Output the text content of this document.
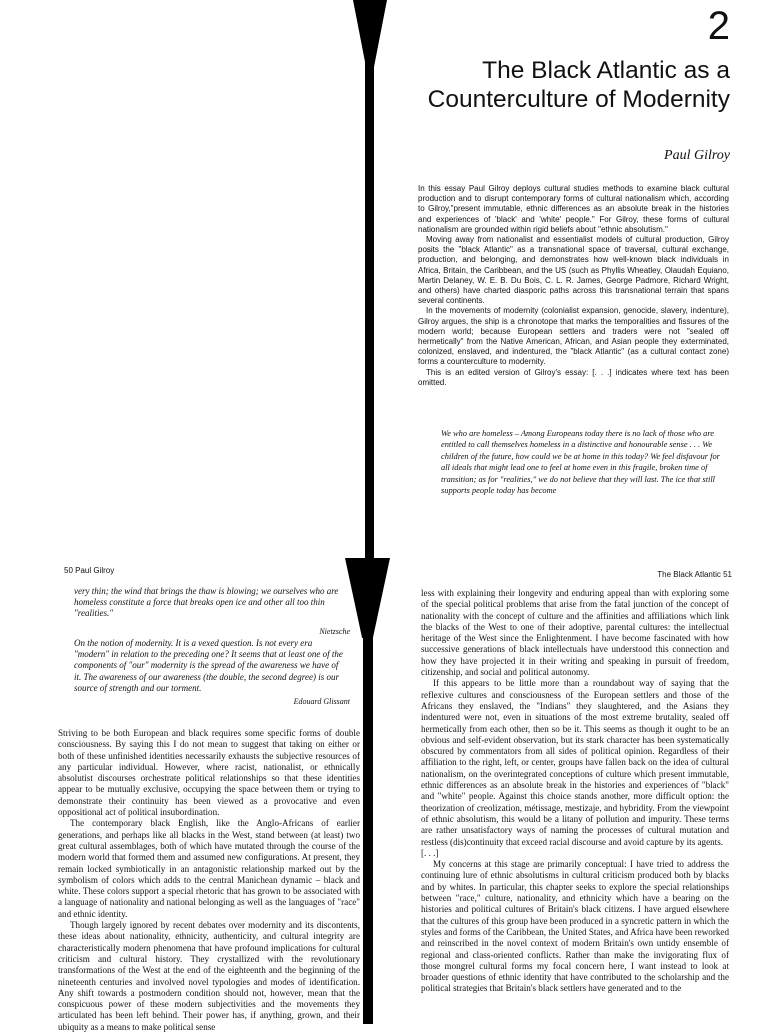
2
The Black Atlantic as a Counterculture of Modernity
Paul Gilroy

In this essay Paul Gilroy deploys cultural studies methods to examine black cultural production and to disrupt contemporary forms of cultural nationalism which, according to Gilroy,"present immutable, ethnic differences as an absolute break in the histories and experiences of 'black' and 'white' people." For Gilroy, these forms of cultural nationalism are grounded within rigid beliefs about "ethnic absolutism."

Moving away from nationalist and essentialist models of cultural production, Gilroy posits the "black Atlantic" as a transnational space of traversal, cultural exchange, production, and belonging, and demonstrates how well-known black individuals in Africa, Britain, the Caribbean, and the US (such as Phyllis Wheatley, Olaudah Equiano, Martin Delaney, W. E. B. Du Bois, C. L. R. James, George Padmore, Richard Wright, and others) have charted diasporic paths across this transnational terrain that spans several continents.

In the movements of modernity (colonialist expansion, genocide, slavery, indenture), Gilroy argues, the ship is a chronotope that marks the temporalities and fissures of the modern world; because European settlers and traders were not "sealed off hermetically" from the Native American, African, and Asian people they exterminated, colonized, enslaved, and indentured, the "black Atlantic" (as a cultural contact zone) forms a counterculture to modernity.

This is an edited version of Gilroy's essay: [. . .] indicates where text has been omitted.

We who are homeless – Among Europeans today there is no lack of those who are entitled to call themselves homeless in a distinctive and honourable sense . . . We children of the future, how could we be at home in this today? We feel disfavour for all ideals that might lead one to feel at home even in this fragile, broken time of transition; as for "realities," we do not believe that they will last. The ice that still supports people today has become
50 Paul Gilroy
very thin; the wind that brings the thaw is blowing; we ourselves who are homeless constitute a force that breaks open ice and other all too thin "realities."
Nietzsche
On the notion of modernity. It is a vexed question. Is not every era "modern" in relation to the preceding one? It seems that at least one of the components of "our" modernity is the spread of the awareness we have of it. The awareness of our awareness (the double, the second degree) is our source of strength and our torment.
Edouard Glissant

Striving to be both European and black requires some specific forms of double consciousness. By saying this I do not mean to suggest that taking on either or both of these unfinished identities necessarily exhausts the subjective resources of any particular individual. However, where racist, nationalist, or ethnically absolutist discourses orchestrate political relationships so that these identities appear to be mutually exclusive, occupying the space between them or trying to demonstrate their continuity has been viewed as a provocative and even oppositional act of political insubordination.

The contemporary black English, like the Anglo-Africans of earlier generations, and perhaps like all blacks in the West, stand between (at least) two great cultural assemblages, both of which have mutated through the course of the modern world that formed them and assumed new configurations. At present, they remain locked symbiotically in an antagonistic relationship marked out by the symbolism of colors which adds to the central Manichean dynamic – black and white. These colors support a special rhetoric that has grown to be associated with a language of nationality and national belonging as well as the languages of "race" and ethnic identity.

Though largely ignored by recent debates over modernity and its discontents, these ideas about nationality, ethnicity, authenticity, and cultural integrity are characteristically modern phenomena that have profound implications for cultural criticism and cultural history. They crystallized with the revolutionary transformations of the West at the end of the eighteenth and the beginning of the nineteenth centuries and involved novel typologies and modes of identification. Any shift towards a postmodern condition should not, however, mean that the conspicuous power of these modern subjectivities and the movements they articulated has been left behind. Their power has, if anything, grown, and their ubiquity as a means to make political sense

The Black Atlantic 51

less with explaining their longevity and enduring appeal than with exploring some of the special political problems that arise from the fatal junction of the concept of nationality with the concept of culture and the affinities and affiliations which link the blacks of the West to one of their adoptive, parental cultures: the intellectual heritage of the West since the Enlightenment. I have become fascinated with how successive generations of black intellectuals have understood this connection and how they have projected it in their writing and speaking in pursuit of freedom, citizenship, and social and political autonomy.

If this appears to be little more than a roundabout way of saying that the reflexive cultures and consciousness of the European settlers and those of the Africans they enslaved, the "Indians" they slaughtered, and the Asians they indentured were not, even in situations of the most extreme brutality, sealed off hermetically from each other, then so be it. This seems as though it ought to be an obvious and self-evident observation, but its stark character has been systematically obscured by commentators from all sides of political opinion. Regardless of their affiliation to the right, left, or center, groups have fallen back on the idea of cultural nationalism, on the overintegrated conceptions of culture which present immutable, ethnic differences as an absolute break in the histories and experiences of "black" and "white" people. Against this choice stands another, more difficult option: the theorization of creolization, métissage, mestizaje, and hybridity. From the viewpoint of ethnic absolutism, this would be a litany of pollution and impurity. These terms are rather unsatisfactory ways of naming the processes of cultural mutation and restless (dis)continuity that exceed racial discourse and avoid capture by its agents.

[. . .]

My concerns at this stage are primarily conceptual: I have tried to address the continuing lure of ethnic absolutisms in cultural criticism produced both by blacks and by whites. In particular, this chapter seeks to explore the special relationships between "race," culture, nationality, and ethnicity which have a bearing on the histories and political cultures of Britain's black citizens. I have argued elsewhere that the cultures of this group have been produced in a syncretic pattern in which the styles and forms of the Caribbean, the United States, and Africa have been reworked and reinscribed in the novel context of modern Britain's own untidy ensemble of regional and class-oriented conflicts. Rather than make the invigorating flux of those mongrel cultural forms my focal concern here, I want instead to look at broader questions of ethnic identity that have contributed to the scholarship and the political strategies that Britain's black settlers have generated and to the
